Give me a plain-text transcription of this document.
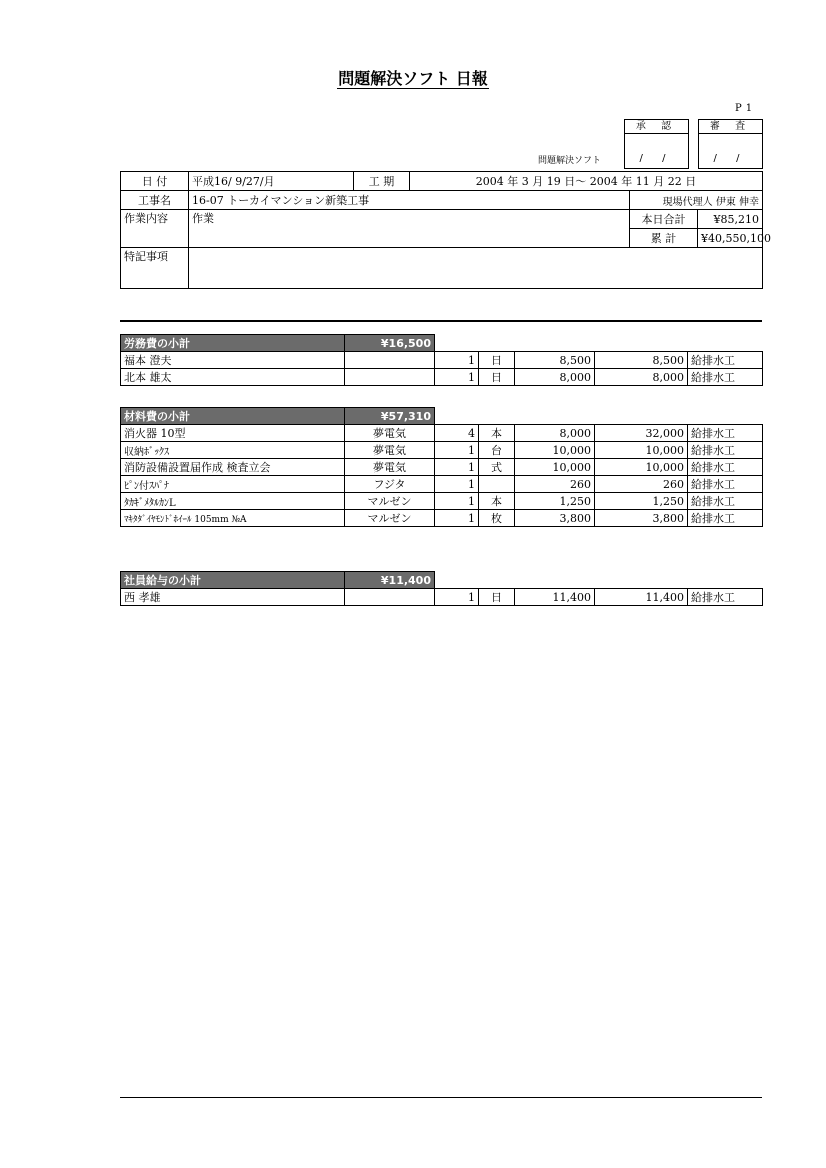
問題解決ソフト 日報
P1
承 認
/ /
審 査
/ /
問題解決ソフト
日 付	平成16/ 9/27/月	工 期	2004 年 3 月 19 日～ 2004 年 11 月 22 日		
工事名	16-07 トーカイマンション新築工事			現場代理人 伊東 伸幸	
作業内容	作業			本日合計	¥85,210
				累 計	¥40,550,100
特記事項					
労務費の小計	¥16,500					
福本 澄夫		1	日	8,500	8,500	給排水工
北本 雄太		1	日	8,000	8,000	給排水工
材料費の小計	¥57,310					
消火器 10型	夢電気	4	本	8,000	32,000	給排水工
収納ﾎﾞｯｸｽ	夢電気	1	台	10,000	10,000	給排水工
消防設備設置届作成 検査立会	夢電気	1	式	10,000	10,000	給排水工
ﾋﾟﾝ付ｽﾊﾟﾅ	フジタ	1		260	260	給排水工
ﾀｶｷﾞﾒﾀﾙｶﾝL	マルゼン	1	本	1,250	1,250	給排水工
ﾏｷﾀﾀﾞｲﾔﾓﾝﾄﾞﾎｲｰﾙ 105mm №A	マルゼン	1	枚	3,800	3,800	給排水工
社員給与の小計	¥11,400					
西 孝雄		1	日	11,400	11,400	給排水工
